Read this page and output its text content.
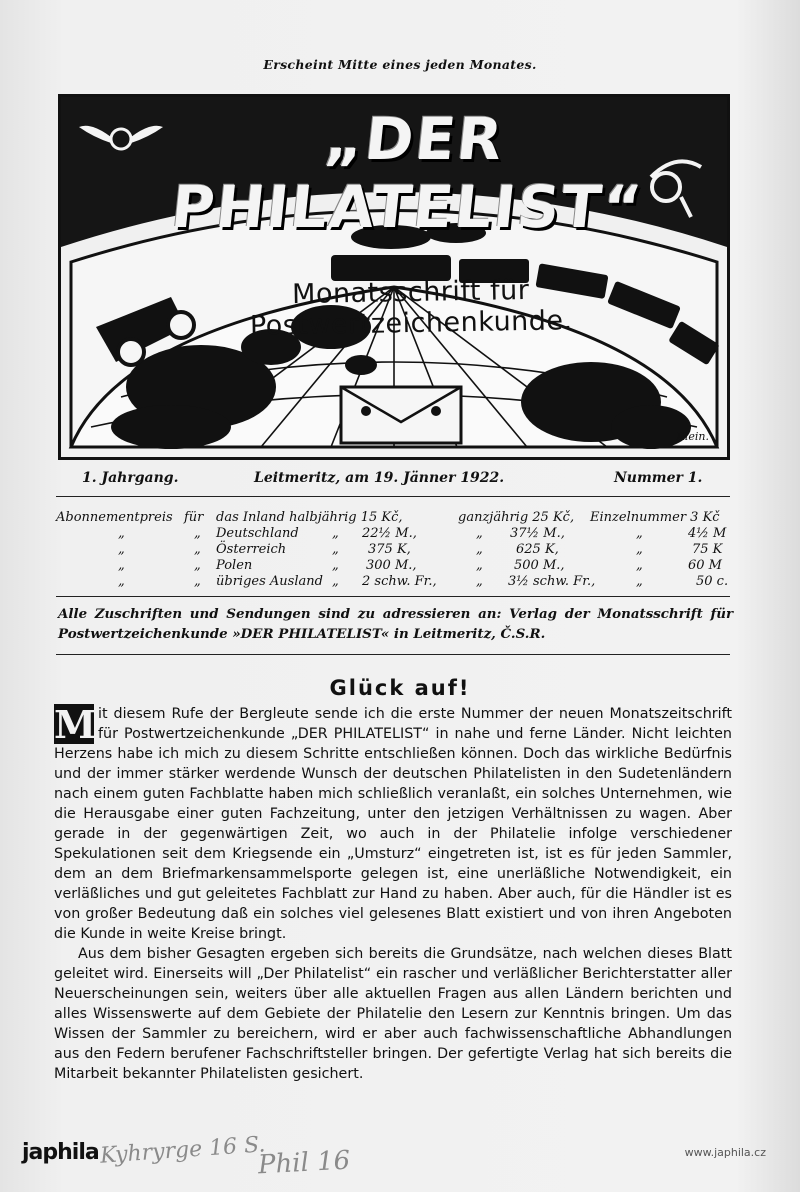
Erscheint Mitte eines jeden Monates.
„DER PHILATELIST“
Monatsschrift für Postwertzeichenkunde.
Klein.
1. Jahrgang.	Leitmeritz, am 19. Jänner 1922.	Nummer 1.
Abonnementpreis für das Inland halbjährig 15 Kč,	ganzjährig 25 Kč, Einzelnummer 3 Kč
„	„ Deutschland	„ 22½ M.,	„ 37½ M.,	„	4½ M
„	„ Österreich	„ 375 K,	„	625 K,	„	75 K
„	„ Polen	„ 300 M.,	„ 500 M.,	„	60 M
„	„ übriges Ausland „ 2 schw. Fr.,	„ 3½ schw. Fr.,	„	50 c.
Alle Zuschriften und Sendungen sind zu adressieren an: Verlag der Monatsschrift für Postwertzeichenkunde »DER PHILATELIST« in Leitmeritz, Č.S.R.
Glück auf!

M it diesem Rufe der Bergleute sende ich die erste Nummer der neuen Monatszeitschrift für Postwertzeichenkunde „DER PHILATELIST“ in nahe und ferne Länder. Nicht leichten Herzens habe ich mich zu diesem Schritte entschließen können. Doch das wirkliche Bedürfnis und der immer stärker werdende Wunsch der deutschen Philatelisten in den Sudetenländern nach einem guten Fachblatte haben mich schließlich veranlaßt, ein solches Unternehmen, wie die Herausgabe einer guten Fachzeitung, unter den jetzigen Verhältnissen zu wagen. Aber gerade in der gegenwärtigen Zeit, wo auch in der Philatelie infolge verschiedener Spekulationen seit dem Kriegsende ein „Umsturz“ eingetreten ist, ist es für jeden Sammler, dem an dem Briefmarkensammelsporte gelegen ist, eine unerläßliche Notwendigkeit, ein verläßliches und gut geleitetes Fachblatt zur Hand zu haben. Aber auch, für die Händler ist es von großer Bedeutung daß ein solches viel gelesenes Blatt existiert und von ihren Angeboten die Kunde in weite Kreise bringt.

Aus dem bisher Gesagten ergeben sich bereits die Grundsätze, nach welchen dieses Blatt geleitet wird. Einerseits will „Der Philatelist“ ein rascher und verläßlicher Berichterstatter aller Neuerscheinungen sein, weiters über alle aktuellen Fragen aus allen Ländern berichten und alles Wissenswerte auf dem Gebiete der Philatelie den Lesern zur Kenntnis bringen. Um das Wissen der Sammler zu bereichern, wird er aber auch fachwissenschaftliche Abhandlungen aus den Federn berufener Fachschriftsteller bringen. Der gefertigte Verlag hat sich bereits die Mitarbeit bekannter Philatelisten gesichert.

japhila Kyhryrge 16 S.
Phil 16	www.japhila.cz
